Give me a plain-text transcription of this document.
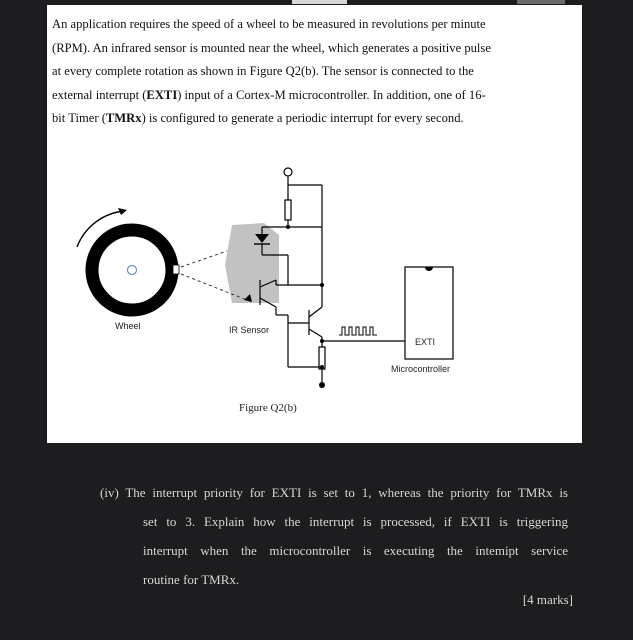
An application requires the speed of a wheel to be measured in revolutions per minute
(RPM). An infrared sensor is mounted near the wheel, which generates a positive pulse
at every complete rotation as shown in Figure Q2(b). The sensor is connected to the
external interrupt (EXTI) input of a Cortex-M microcontroller. In addition, one of 16-
bit Timer (TMRx) is configured to generate a periodic interrupt for every second.
Wheel
EXTI
Microcontroller
IR Sensor
Figure Q2(b)
(iv) The interrupt priority for EXTI is set to 1, whereas the priority for TMRx is
set to 3. Explain how the interrupt is processed, if EXTI is triggering
interrupt when the microcontroller is executing the intemipt service
routine for TMRx.
[4 marks]
